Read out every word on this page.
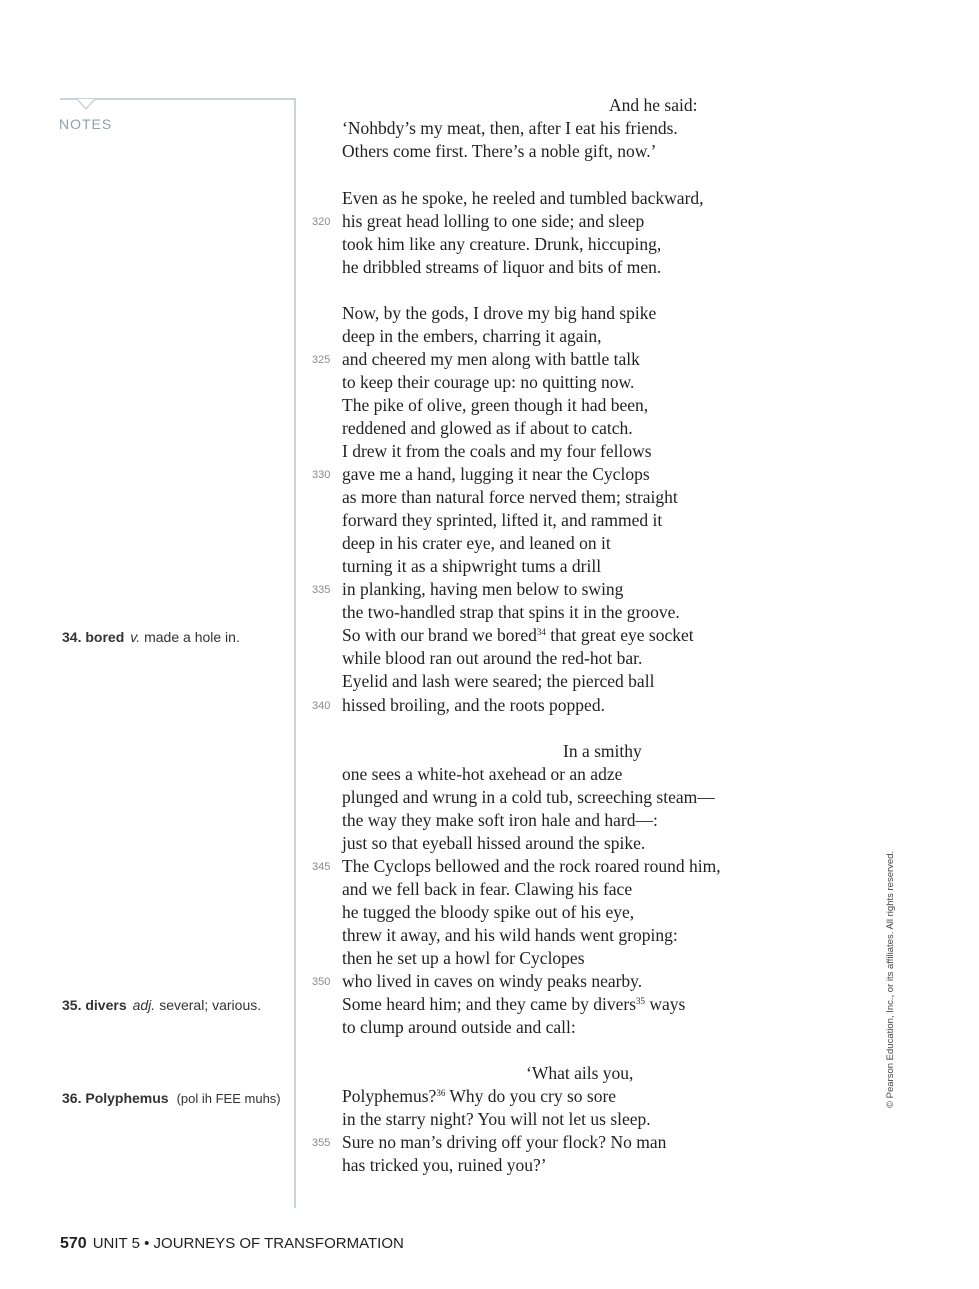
NOTES
34. bored v. made a hole in.
35. divers adj. several; various.
36. Polyphemus (pol ih FEE muhs)
And he said:
‘Nohbdy’s my meat, then, after I eat his friends.
Others come first. There’s a noble gift, now.’
Even as he spoke, he reeled and tumbled backward,
320 his great head lolling to one side; and sleep
took him like any creature. Drunk, hiccuping,
he dribbled streams of liquor and bits of men.
Now, by the gods, I drove my big hand spike
deep in the embers, charring it again,
325 and cheered my men along with battle talk
to keep their courage up: no quitting now.
The pike of olive, green though it had been,
reddened and glowed as if about to catch.
I drew it from the coals and my four fellows
330 gave me a hand, lugging it near the Cyclops
as more than natural force nerved them; straight
forward they sprinted, lifted it, and rammed it
deep in his crater eye, and leaned on it
turning it as a shipwright tums a drill
335 in planking, having men below to swing
the two-handled strap that spins it in the groove.
So with our brand we bored$^{34}$ that great eye socket
while blood ran out around the red-hot bar.
Eyelid and lash were seared; the pierced ball
340 hissed broiling, and the roots popped.
In a smithy
one sees a white-hot axehead or an adze
plunged and wrung in a cold tub, screeching steam—
the way they make soft iron hale and hard—:
just so that eyeball hissed around the spike.
345 The Cyclops bellowed and the rock roared round him,
and we fell back in fear. Clawing his face
he tugged the bloody spike out of his eye,
threw it away, and his wild hands went groping:
then he set up a howl for Cyclopes
350 who lived in caves on windy peaks nearby.
Some heard him; and they came by divers$^{35}$ ways
to clump around outside and call:
‘What ails you,
Polyphemus?$^{36}$ Why do you cry so sore
in the starry night? You will not let us sleep.
355 Sure no man’s driving off your flock? No man
has tricked you, ruined you?’
© Pearson Education, Inc., or its affiliates. All rights reserved.
570 UNIT 5 • JOURNEYS OF TRANSFORMATION
